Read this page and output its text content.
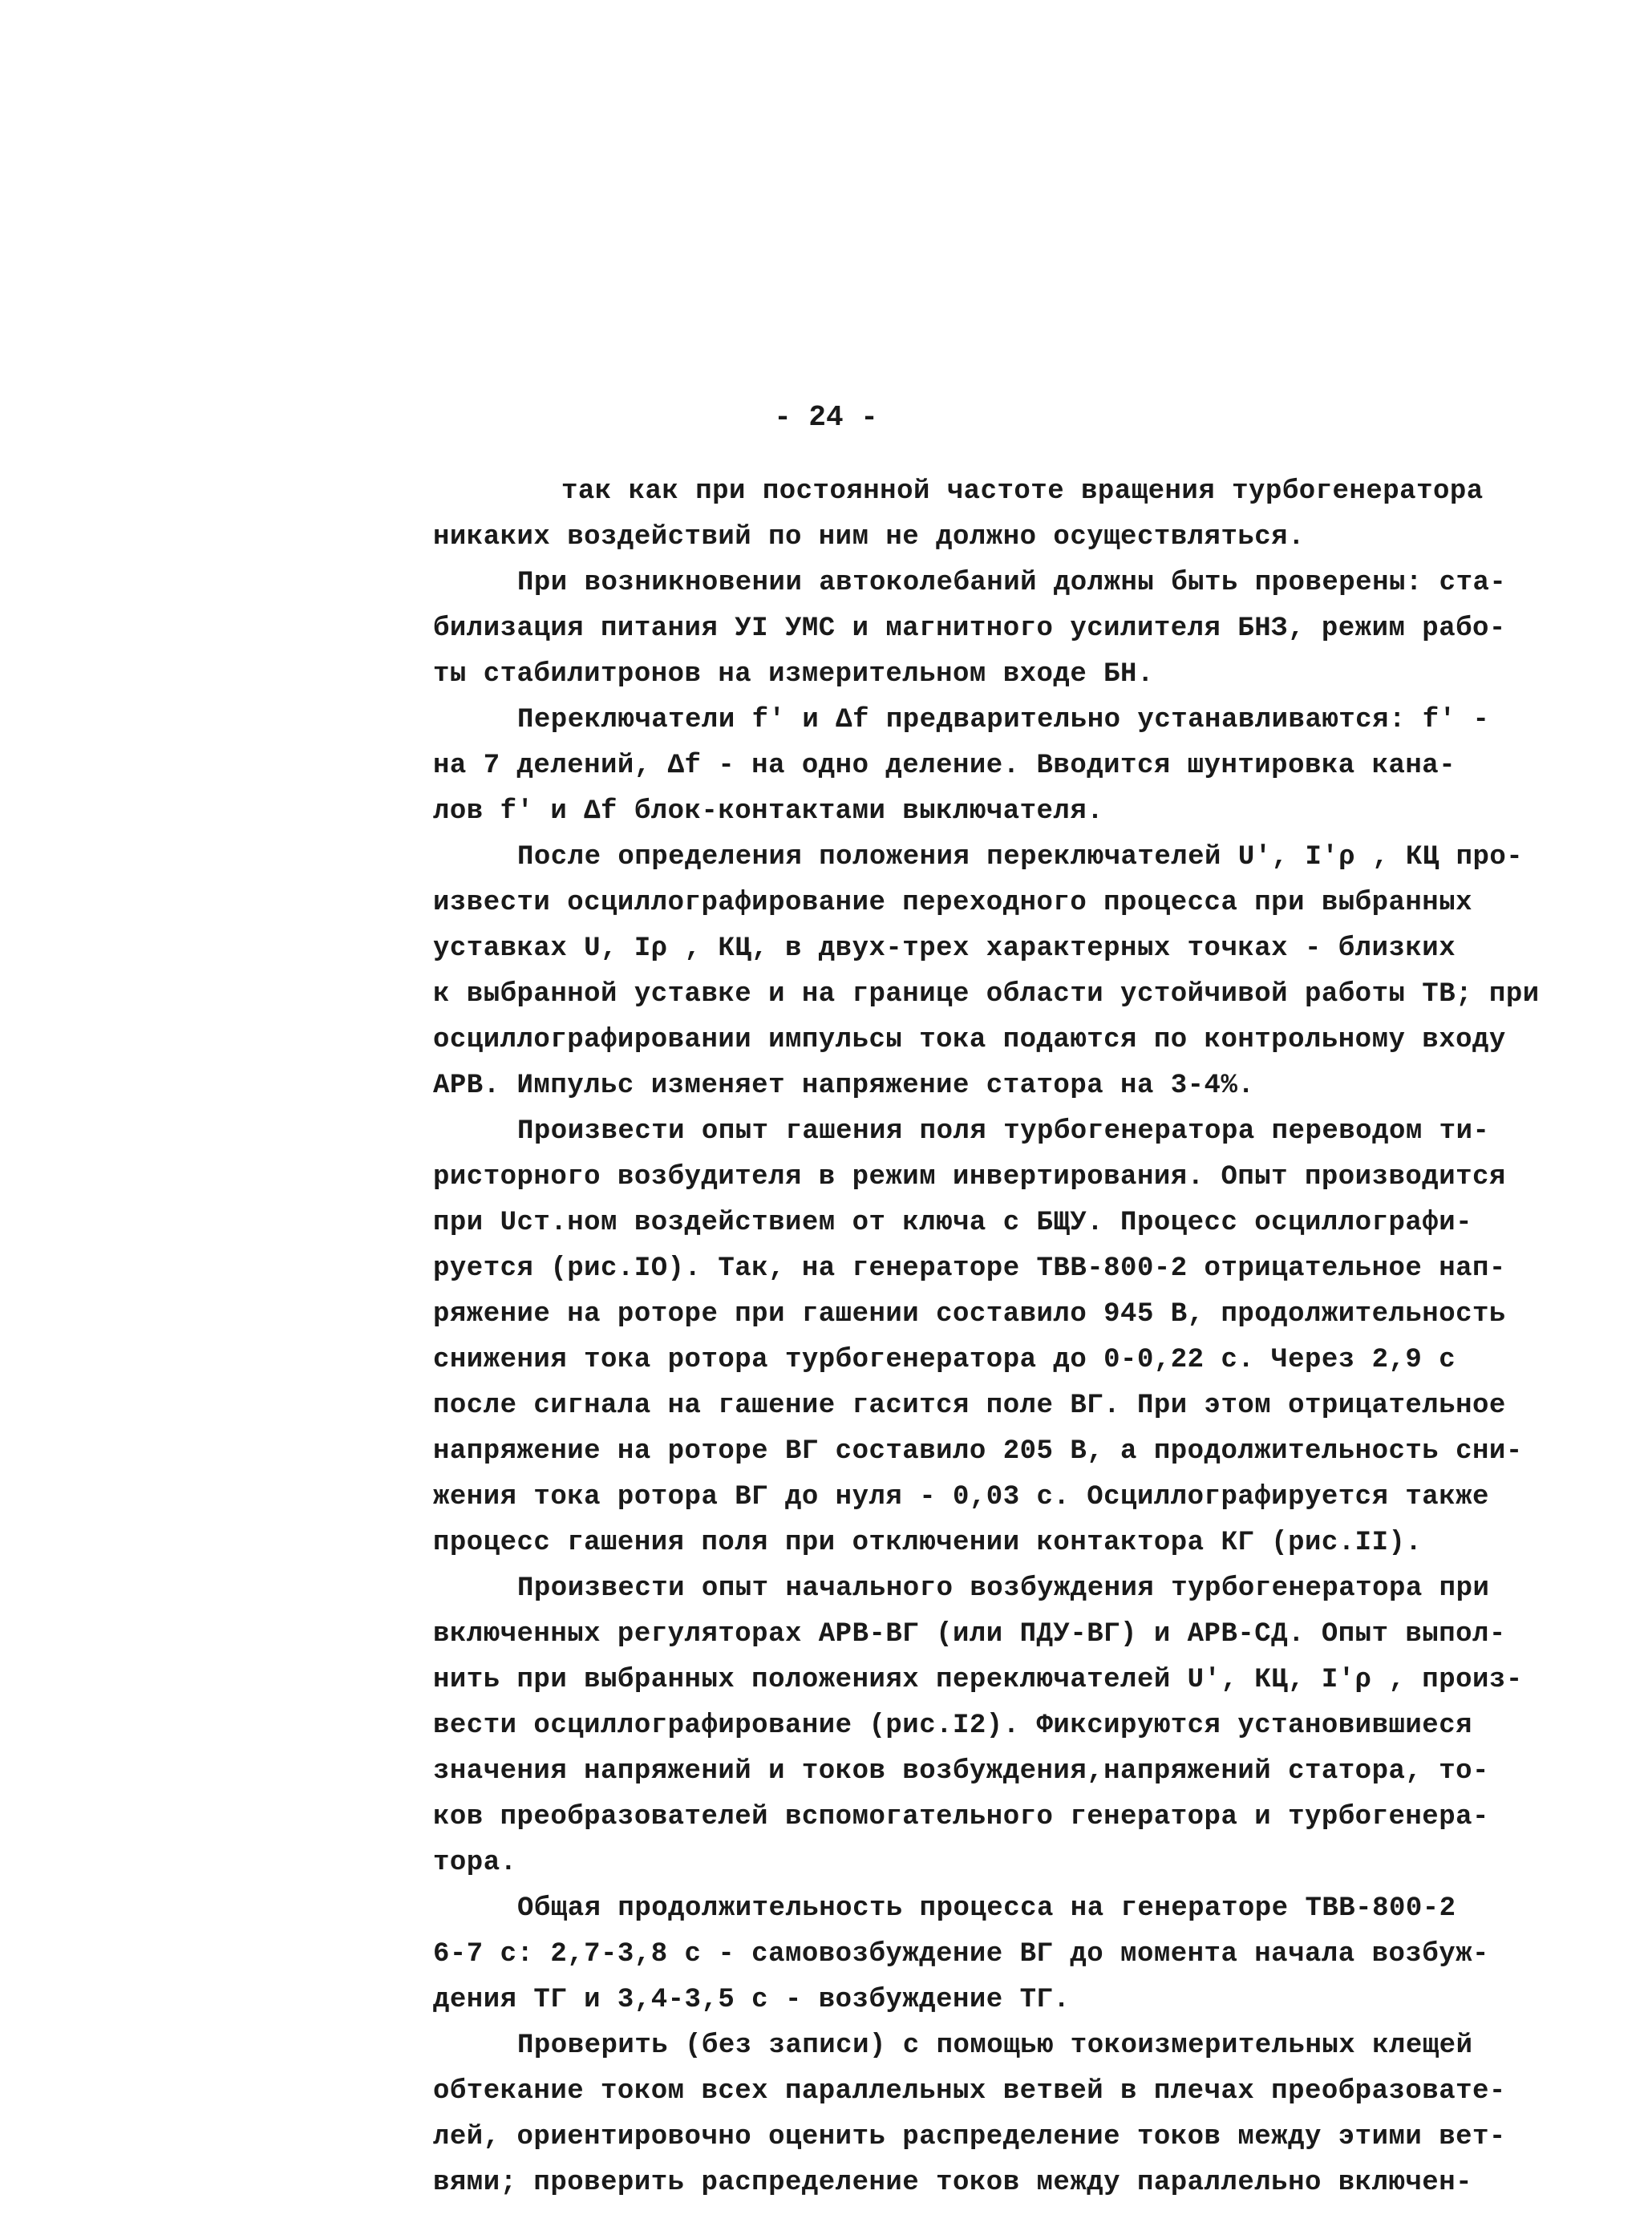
- 24 -
так как при постоянной частоте вращения турбогенератора
никаких воздействий по ним не должно осуществляться.
При возникновении автоколебаний должны быть проверены: ста-
билизация питания УI УМС и магнитного усилителя БНЗ, режим рабо-
ты стабилитронов на измерительном входе БН.
Переключатели f′ и Δf предварительно устанавливаются: f′ -
на 7 делений, Δf - на одно деление. Вводится шунтировка кана-
лов f′ и Δf блок-контактами выключателя.
После определения положения переключателей U′, I′ρ , КЦ про-
извести осциллографирование переходного процесса при выбранных
уставках U, Iρ , КЦ, в двух-трех характерных точках - близких
к выбранной уставке и на границе области устойчивой работы ТВ; при
осциллографировании импульсы тока подаются по контрольному входу
АРВ. Импульс изменяет напряжение статора на 3-4%.
Произвести опыт гашения поля турбогенератора переводом ти-
ристорного возбудителя в режим инвертирования. Опыт производится
при Uст.ном воздействием от ключа с БЩУ. Процесс осциллографи-
руется (рис.IO). Так, на генераторе ТВВ-800-2 отрицательное нап-
ряжение на роторе при гашении составило 945 В, продолжительность
снижения тока ротора турбогенератора до 0-0,22 с. Через 2,9 с
после сигнала на гашение гасится поле ВГ. При этом отрицательное
напряжение на роторе ВГ составило 205 В, а продолжительность сни-
жения тока ротора ВГ до нуля - 0,03 с. Осциллографируется также
процесс гашения поля при отключении контактора КГ (рис.II).
Произвести опыт начального возбуждения турбогенератора при
включенных регуляторах АРВ-ВГ (или ПДУ-ВГ) и АРВ-СД. Опыт выпол-
нить при выбранных положениях переключателей U′, КЦ, I′ρ , произ-
вести осциллографирование (рис.I2). Фиксируются установившиеся
значения напряжений и токов возбуждения,напряжений статора, то-
ков преобразователей вспомогательного генератора и турбогенера-
тора.
Общая продолжительность процесса на генераторе ТВВ-800-2
6-7 с: 2,7-3,8 с - самовозбуждение ВГ до момента начала возбуж-
дения ТГ и 3,4-3,5 с - возбуждение ТГ.
Проверить (без записи) с помощью токоизмерительных клещей
обтекание током всех параллельных ветвей в плечах преобразовате-
лей, ориентировочно оценить распределение токов между этими вет-
вями; проверить распределение токов между параллельно включен-
